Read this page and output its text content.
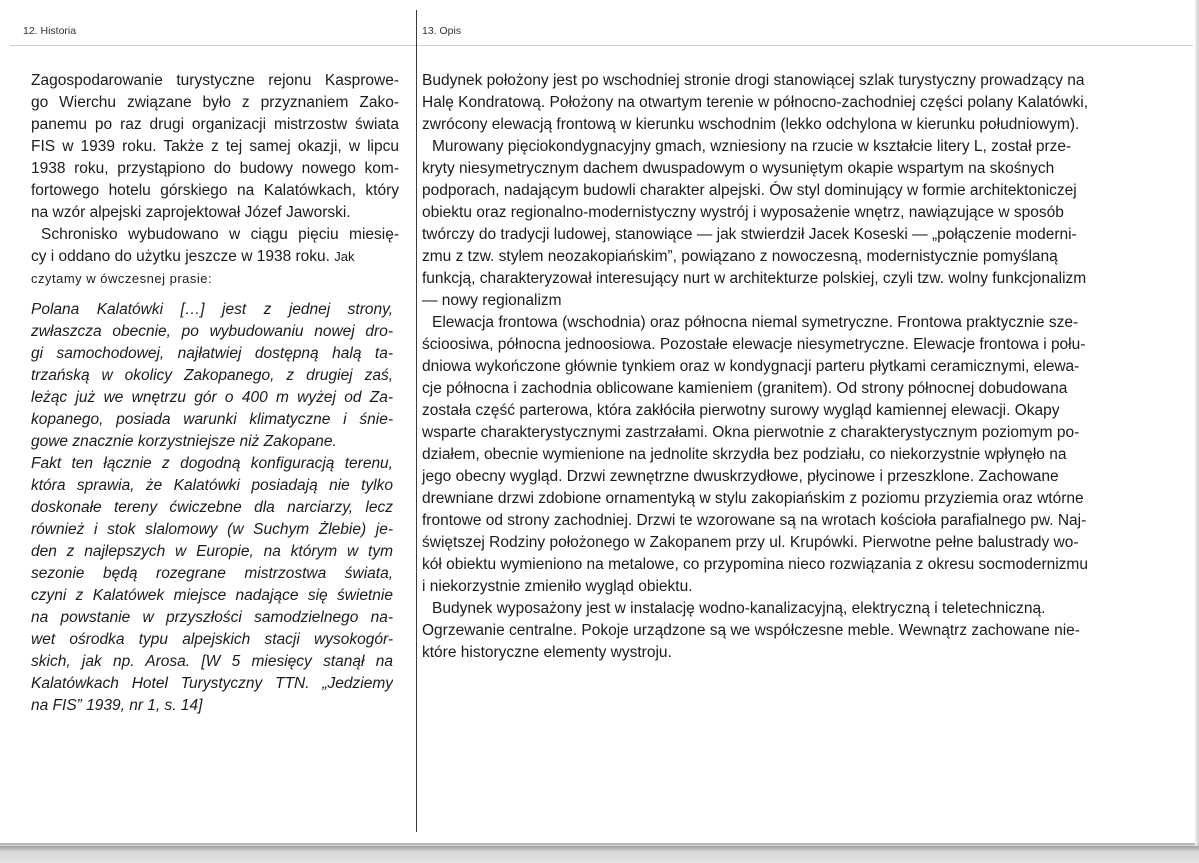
12. Historia	13. Opis
Zagospodarowanie turystyczne rejonu Kasprowe-
go Wierchu związane było z przyznaniem Zako-
panemu po raz drugi organizacji mistrzostw świata
FIS w 1939 roku. Także z tej samej okazji, w lipcu
1938 roku, przystąpiono do budowy nowego kom-
fortowego hotelu górskiego na Kalatówkach, który
na wzór alpejski zaprojektował Józef Jaworski.
Schronisko wybudowano w ciągu pięciu miesię-
cy i oddano do użytku jeszcze w 1938 roku. Jak
czytamy w ówczesnej prasie:
Polana Kalatówki […] jest z jednej strony,
zwłaszcza obecnie, po wybudowaniu nowej dro-
gi samochodowej, najłatwiej dostępną halą ta-
trzańską w okolicy Zakopanego, z drugiej zaś,
leżąc już we wnętrzu gór o 400 m wyżej od Za-
kopanego, posiada warunki klimatyczne i śnie-
gowe znacznie korzystniejsze niż Zakopane.
Fakt ten łącznie z dogodną konfiguracją terenu,
która sprawia, że Kalatówki posiadają nie tylko
doskonałe tereny ćwiczebne dla narciarzy, lecz
również i stok slalomowy (w Suchym Żlebie) je-
den z najlepszych w Europie, na którym w tym
sezonie będą rozegrane mistrzostwa świata,
czyni z Kalatówek miejsce nadające się świetnie
na powstanie w przyszłości samodzielnego na-
wet ośrodka typu alpejskich stacji wysokogór-
skich, jak np. Arosa. [W 5 miesięcy stanął na
Kalatówkach Hotel Turystyczny TTN. „Jedziemy
na FIS” 1939, nr 1, s. 14]
Budynek położony jest po wschodniej stronie drogi stanowiącej szlak turystyczny prowadzący na
Halę Kondratową. Położony na otwartym terenie w północno-zachodniej części polany Kalatówki,
zwrócony elewacją frontową w kierunku wschodnim (lekko odchylona w kierunku południowym).
Murowany pięciokondygnacyjny gmach, wzniesiony na rzucie w kształcie litery L, został prze-
kryty niesymetrycznym dachem dwuspadowym o wysuniętym okapie wspartym na skośnych
podporach, nadającym budowli charakter alpejski. Ów styl dominujący w formie architektoniczej
obiektu oraz regionalno-modernistyczny wystrój i wyposażenie wnętrz, nawiązujące w sposób
twórczy do tradycji ludowej, stanowiące — jak stwierdził Jacek Koseski — „połączenie moderni-
zmu z tzw. stylem neozakopiańskim”, powiązano z nowoczesną, modernistycznie pomyślaną
funkcją, charakteryzował interesujący nurt w architekturze polskiej, czyli tzw. wolny funkcjonalizm
— nowy regionalizm
Elewacja frontowa (wschodnia) oraz północna niemal symetryczne. Frontowa praktycznie sze-
ścioosiwa, północna jednoosiowa. Pozostałe elewacje niesymetryczne. Elewacje frontowa i połu-
dniowa wykończone głównie tynkiem oraz w kondygnacji parteru płytkami ceramicznymi, elewa-
cje północna i zachodnia oblicowane kamieniem (granitem). Od strony północnej dobudowana
została część parterowa, która zakłóciła pierwotny surowy wygląd kamiennej elewacji. Okapy
wsparte charakterystycznymi zastrzałami. Okna pierwotnie z charakterystycznym poziomym po-
działem, obecnie wymienione na jednolite skrzydła bez podziału, co niekorzystnie wpłynęło na
jego obecny wygląd. Drzwi zewnętrzne dwuskrzydłowe, płycinowe i przeszklone. Zachowane
drewniane drzwi zdobione ornamentyką w stylu zakopiańskim z poziomu przyziemia oraz wtórne
frontowe od strony zachodniej. Drzwi te wzorowane są na wrotach kościoła parafialnego pw. Naj-
świętszej Rodziny położonego w Zakopanem przy ul. Krupówki. Pierwotne pełne balustrady wo-
kół obiektu wymieniono na metalowe, co przypomina nieco rozwiązania z okresu socmodernizmu
i niekorzystnie zmieniło wygląd obiektu.
Budynek wyposażony jest w instalację wodno-kanalizacyjną, elektryczną i teletechniczną.
Ogrzewanie centralne. Pokoje urządzone są we współczesne meble. Wewnątrz zachowane nie-
które historyczne elementy wystroju.
